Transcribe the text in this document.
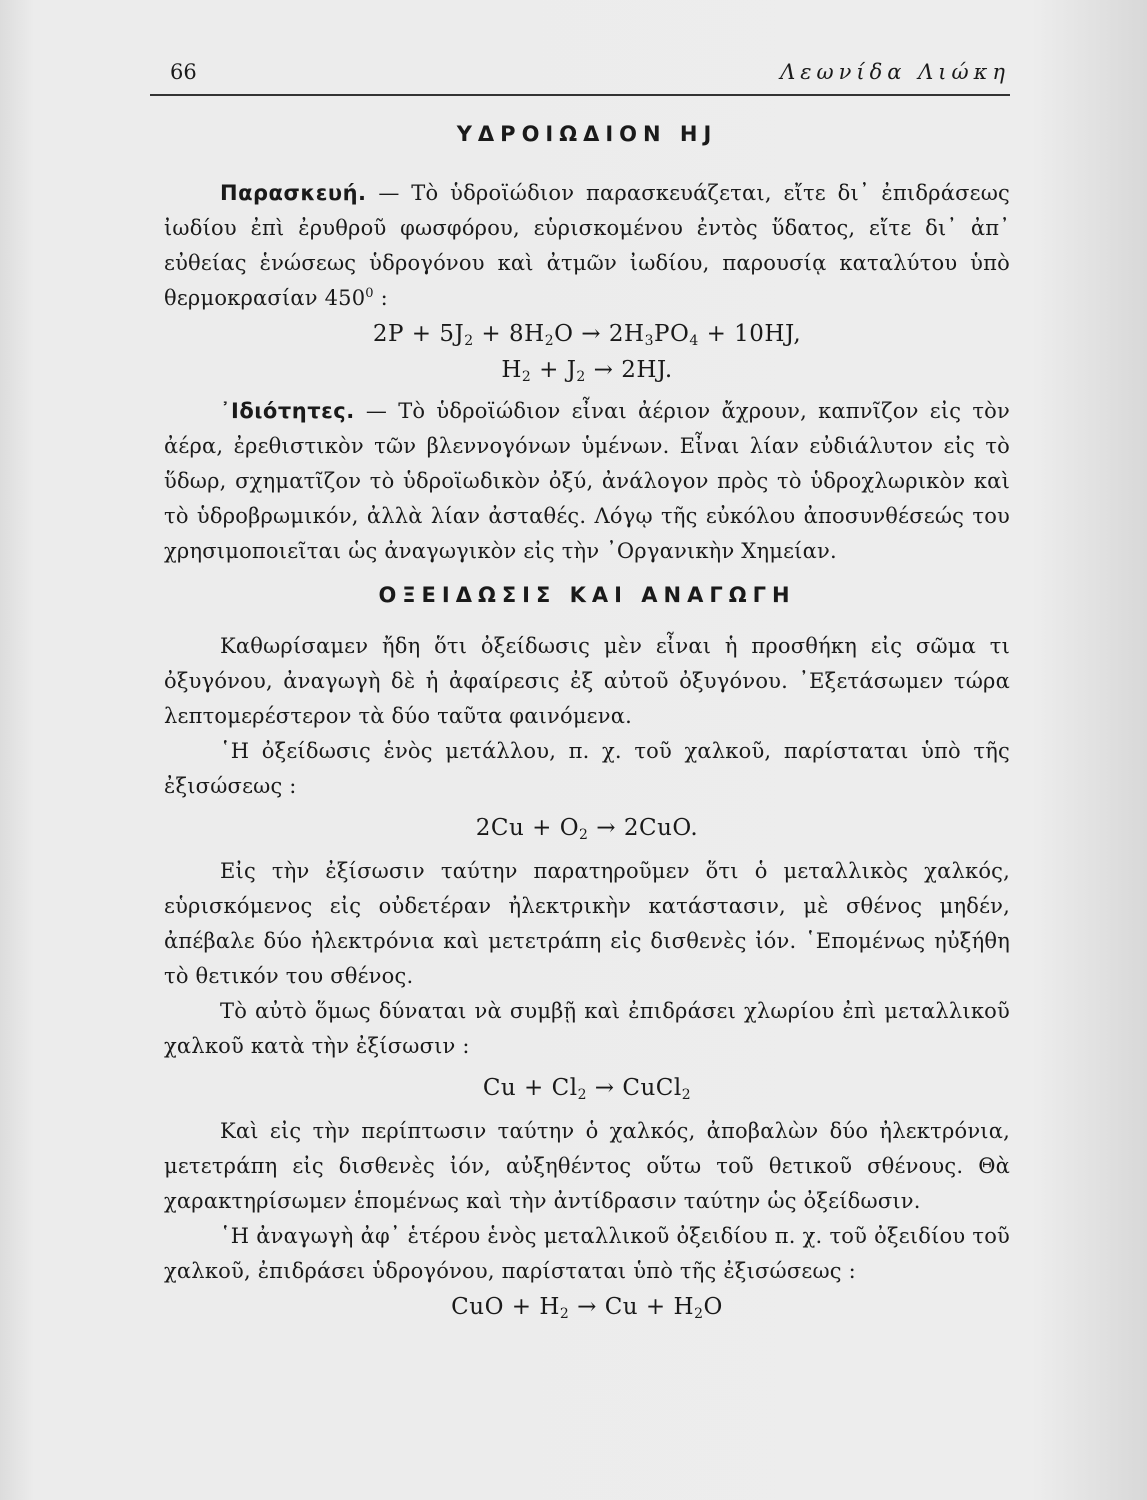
66	Λεωνίδα Λιώκη
ΥΔΡΟΙΩΔΙΟΝ HJ

Παρασκευή. — Τὸ ὑδροϊώδιον παρασκευάζεται, εἴτε δι᾽ ἐπιδράσεως ἰωδίου ἐπὶ ἐρυθροῦ φωσφόρου, εὑρισκομένου ἐντὸς ὕδατος, εἴτε δι᾽ ἀπ᾽ εὐθείας ἑνώσεως ὑδρογόνου καὶ ἀτμῶν ἰωδίου, παρουσίᾳ καταλύτου ὑπὸ θερμοκρασίαν $450^0$ :

$2P + 5J_2 + 8H_2O \to 2H_3PO_4 + 10HJ$,
$H_2 + J_2 \to 2HJ$.

᾿Ιδιότητες. — Τὸ ὑδροϊώδιον εἶναι ἀέριον ἄχρουν, καπνῖζον εἰς τὸν ἀέρα, ἐρεθιστικὸν τῶν βλεννογόνων ὑμένων. Εἶναι λίαν εὐδιάλυτον εἰς τὸ ὕδωρ, σχηματῖζον τὸ ὑδροϊωδικὸν ὀξύ, ἀνάλογον πρὸς τὸ ὑδροχλωρικὸν καὶ τὸ ὑδροβρωμικόν, ἀλλὰ λίαν ἀσταθές. Λόγῳ τῆς εὐκόλου ἀποσυνθέσεώς του χρησιμοποιεῖται ὡς ἀναγωγικὸν εἰς τὴν ᾿Οργανικὴν Χημείαν.

ΟΞΕΙΔΩΣΙΣ ΚΑΙ ΑΝΑΓΩΓΗ

Καθωρίσαμεν ἤδη ὅτι ὀξείδωσις μὲν εἶναι ἡ προσθήκη εἰς σῶμα τι ὀξυγόνου, ἀναγωγὴ δὲ ἡ ἀφαίρεσις ἐξ αὐτοῦ ὀξυγόνου. ᾿Εξετάσωμεν τώρα λεπτομερέστερον τὰ δύο ταῦτα φαινόμενα.

῾Η ὀξείδωσις ἑνὸς μετάλλου, π. χ. τοῦ χαλκοῦ, παρίσταται ὑπὸ τῆς ἐξισώσεως :

$2Cu + O_2 \to 2CuO$.

Εἰς τὴν ἐξίσωσιν ταύτην παρατηροῦμεν ὅτι ὁ μεταλλικὸς χαλκός, εὑρισκόμενος εἰς οὐδετέραν ἠλεκτρικὴν κατάστασιν, μὲ σθένος μηδέν, ἀπέβαλε δύο ἠλεκτρόνια καὶ μετετράπη εἰς δισθενὲς ἰόν. ῾Επομένως ηὐξήθη τὸ θετικόν του σθένος.

Τὸ αὐτὸ ὅμως δύναται νὰ συμβῇ καὶ ἐπιδράσει χλωρίου ἐπὶ μεταλλικοῦ χαλκοῦ κατὰ τὴν ἐξίσωσιν :

$Cu + Cl_2$ → CuCl$_2$

Καὶ εἰς τὴν περίπτωσιν ταύτην ὁ χαλκός, ἀποβαλὼν δύο ἠλεκτρόνια, μετετράπη εἰς δισθενὲς ἰόν, αὐξηθέντος οὕτω τοῦ θετικοῦ σθένους. Θὰ χαρακτηρίσωμεν ἑπομένως καὶ τὴν ἀντίδρασιν ταύτην ὡς ὀξείδωσιν.

῾Η ἀναγωγὴ ἀφ᾽ ἑτέρου ἑνὸς μεταλλικοῦ ὀξειδίου π. χ. τοῦ ὀξειδίου τοῦ χαλκοῦ, ἐπιδράσει ὑδρογόνου, παρίσταται ὑπὸ τῆς ἐξισώσεως :

CuO + $H_2 \to Cu + H_2O$
